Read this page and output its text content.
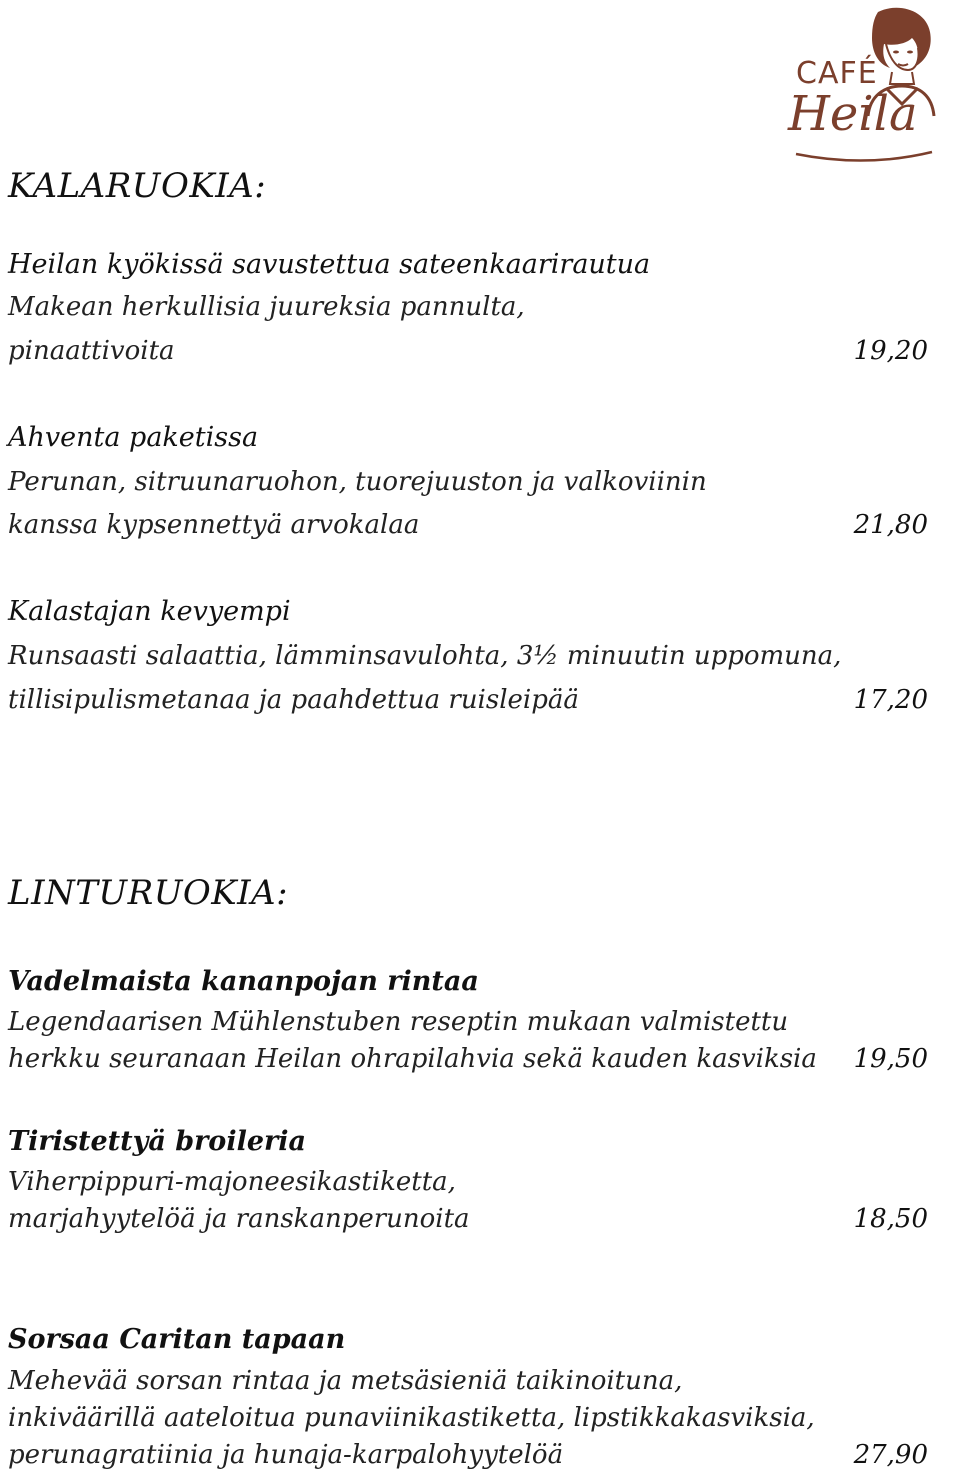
CAFÉ
Heila
KALARUOKIA:
Heilan kyökissä savustettua sateenkaarirautua
Makean herkullisia juureksia pannulta,
pinaattivoita	19,20
Ahventa paketissa
Perunan, sitruunaruohon, tuorejuuston ja valkoviinin
kanssa kypsennettyä arvokalaa	21,80
Kalastajan kevyempi
Runsaasti salaattia, lämminsavulohta, 3½ minuutin uppomuna,
tillisipulismetanaa ja paahdettua ruisleipää	17,20
LINTURUOKIA:
Vadelmaista kananpojan rintaa
Legendaarisen Mühlenstuben reseptin mukaan valmistettu
herkku seuranaan Heilan ohrapilahvia sekä kauden kasviksia 19,50
Tiristettyä broileria
Viherpippuri-majoneesikastiketta,
marjahyytelöä ja ranskanperunoita	18,50
Sorsaa Caritan tapaan
Mehevää sorsan rintaa ja metsäsieniä taikinoituna,
inkiväärillä aateloitua punaviinikastiketta, lipstikkakasviksia,
perunagratiinia ja hunaja-karpalohyytelöä	27,90
